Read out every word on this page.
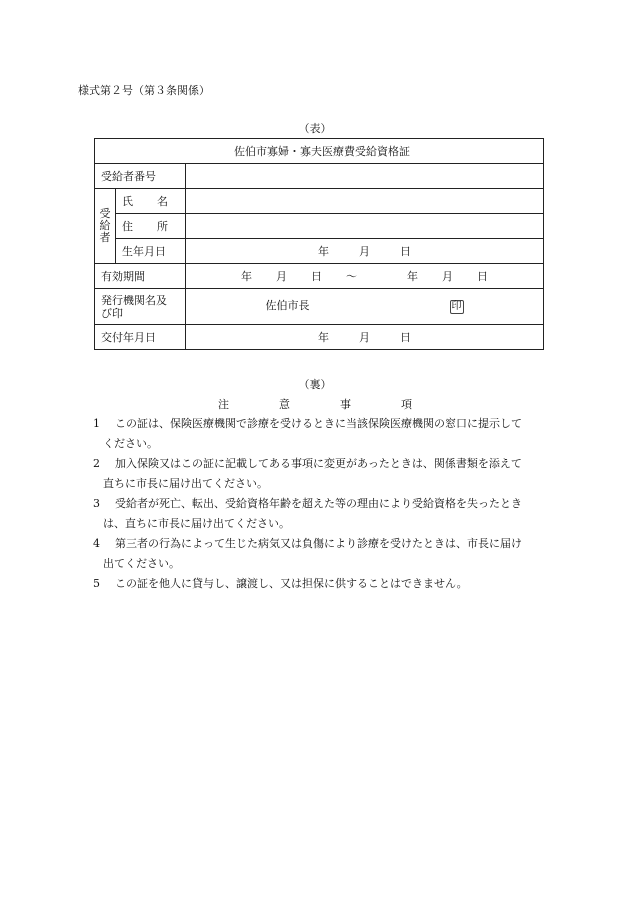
様式第２号（第３条関係）
（表）
佐伯市寡婦・寡夫医療費受給資格証		
受給者番号		

受
給
者	氏 名	
	住 所	
	生年月日	年 月 日
有効期間		年 月 日 ～ 年 月 日
発行機関名及
び印		佐伯市長 印
交付年月日		年 月 日
（裏）
注	意	事	項

1 この証は、保険医療機関で診療を受けるときに当該保険医療機関の窓口に提示して
ください。

2 加入保険又はこの証に記載してある事項に変更があったときは、関係書類を添えて
直ちに市長に届け出てください。

3 受給者が死亡、転出、受給資格年齢を超えた等の理由により受給資格を失ったとき
は、直ちに市長に届け出てください。

4 第三者の行為によって生じた病気又は負傷により診療を受けたときは、市長に届け
出てください。

5 この証を他人に貸与し、譲渡し、又は担保に供することはできません。
